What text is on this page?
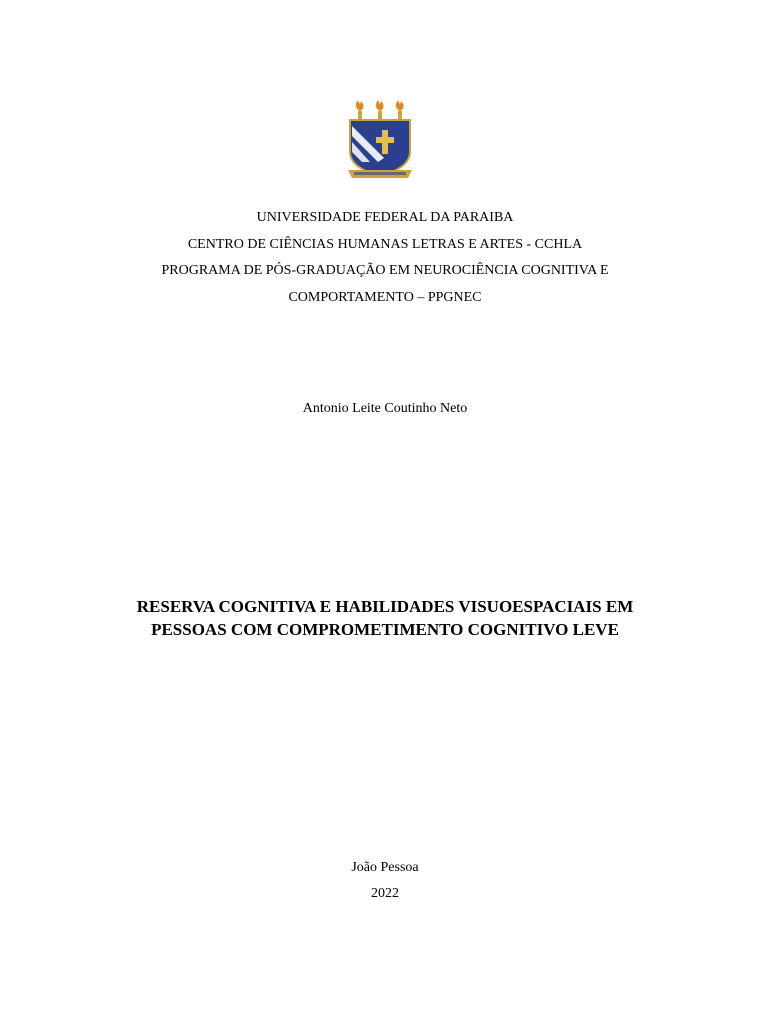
UNIVERSIDADE FEDERAL DA PARAIBA
CENTRO DE CIÊNCIAS HUMANAS LETRAS E ARTES - CCHLA
PROGRAMA DE PÓS-GRADUAÇÃO EM NEUROCIÊNCIA COGNITIVA E
COMPORTAMENTO – PPGNEC
Antonio Leite Coutinho Neto
RESERVA COGNITIVA E HABILIDADES VISUOESPACIAIS EM
PESSOAS COM COMPROMETIMENTO COGNITIVO LEVE
João Pessoa
2022
